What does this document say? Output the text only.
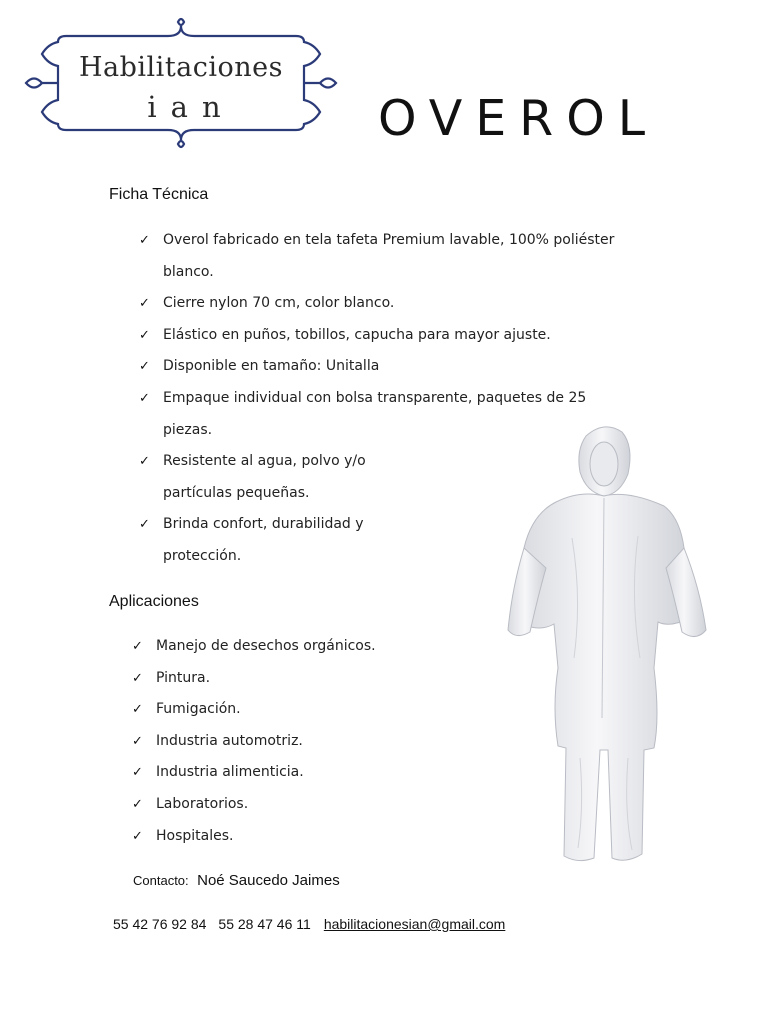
Habilitaciones
ian	OVEROL
Ficha Técnica
✓ Overol fabricado en tela tafeta Premium lavable, 100% poliéster blanco.
✓ Cierre nylon 70 cm, color blanco.
✓ Elástico en puños, tobillos, capucha para mayor ajuste.
✓ Disponible en tamaño: Unitalla
✓ Empaque individual con bolsa transparente, paquetes de 25 piezas.
✓ Resistente al agua, polvo y/o partículas pequeñas.
✓ Brinda confort, durabilidad y protección.
Aplicaciones
✓ Manejo de desechos orgánicos.
✓ Pintura.
✓ Fumigación.
✓ Industria automotriz.
✓ Industria alimenticia.
✓ Laboratorios.
✓ Hospitales.
Contacto: Noé Saucedo Jaimes
55 42 76 92 84 55 28 47 46 11 habilitacionesian@gmail.com
